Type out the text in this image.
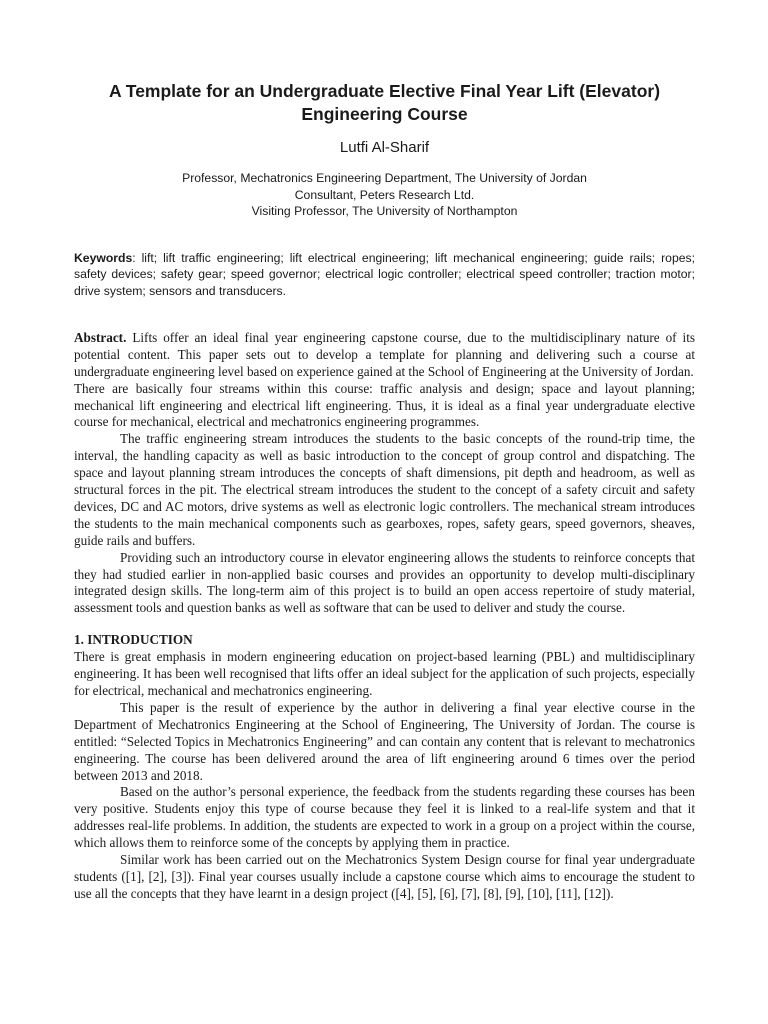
A Template for an Undergraduate Elective Final Year Lift (Elevator)
Engineering Course
Lutfi Al-Sharif
Professor, Mechatronics Engineering Department, The University of Jordan
Consultant, Peters Research Ltd.
Visiting Professor, The University of Northampton
Keywords: lift; lift traffic engineering; lift electrical engineering; lift mechanical engineering; guide rails; ropes; safety devices; safety gear; speed governor; electrical logic controller; electrical speed controller; traction motor; drive system; sensors and transducers.

Abstract. Lifts offer an ideal final year engineering capstone course, due to the multidisciplinary nature of its potential content. This paper sets out to develop a template for planning and delivering such a course at undergraduate engineering level based on experience gained at the School of Engineering at the University of Jordan.

There are basically four streams within this course: traffic analysis and design; space and layout planning; mechanical lift engineering and electrical lift engineering. Thus, it is ideal as a final year undergraduate elective course for mechanical, electrical and mechatronics engineering programmes.

The traffic engineering stream introduces the students to the basic concepts of the round-trip time, the interval, the handling capacity as well as basic introduction to the concept of group control and dispatching. The space and layout planning stream introduces the concepts of shaft dimensions, pit depth and headroom, as well as structural forces in the pit. The electrical stream introduces the student to the concept of a safety circuit and safety devices, DC and AC motors, drive systems as well as electronic logic controllers. The mechanical stream introduces the students to the main mechanical components such as gearboxes, ropes, safety gears, speed governors, sheaves, guide rails and buffers.

Providing such an introductory course in elevator engineering allows the students to reinforce concepts that they had studied earlier in non-applied basic courses and provides an opportunity to develop multi-disciplinary integrated design skills. The long-term aim of this project is to build an open access repertoire of study material, assessment tools and question banks as well as software that can be used to deliver and study the course.

1. INTRODUCTION

There is great emphasis in modern engineering education on project-based learning (PBL) and multidisciplinary engineering. It has been well recognised that lifts offer an ideal subject for the application of such projects, especially for electrical, mechanical and mechatronics engineering.

This paper is the result of experience by the author in delivering a final year elective course in the Department of Mechatronics Engineering at the School of Engineering, The University of Jordan. The course is entitled: “Selected Topics in Mechatronics Engineering” and can contain any content that is relevant to mechatronics engineering. The course has been delivered around the area of lift engineering around 6 times over the period between 2013 and 2018.

Based on the author’s personal experience, the feedback from the students regarding these courses has been very positive. Students enjoy this type of course because they feel it is linked to a real-life system and that it addresses real-life problems. In addition, the students are expected to work in a group on a project within the course, which allows them to reinforce some of the concepts by applying them in practice.

Similar work has been carried out on the Mechatronics System Design course for final year undergraduate students ([1], [2], [3]). Final year courses usually include a capstone course which aims to encourage the student to use all the concepts that they have learnt in a design project ([4], [5], [6], [7], [8], [9], [10], [11], [12]).
